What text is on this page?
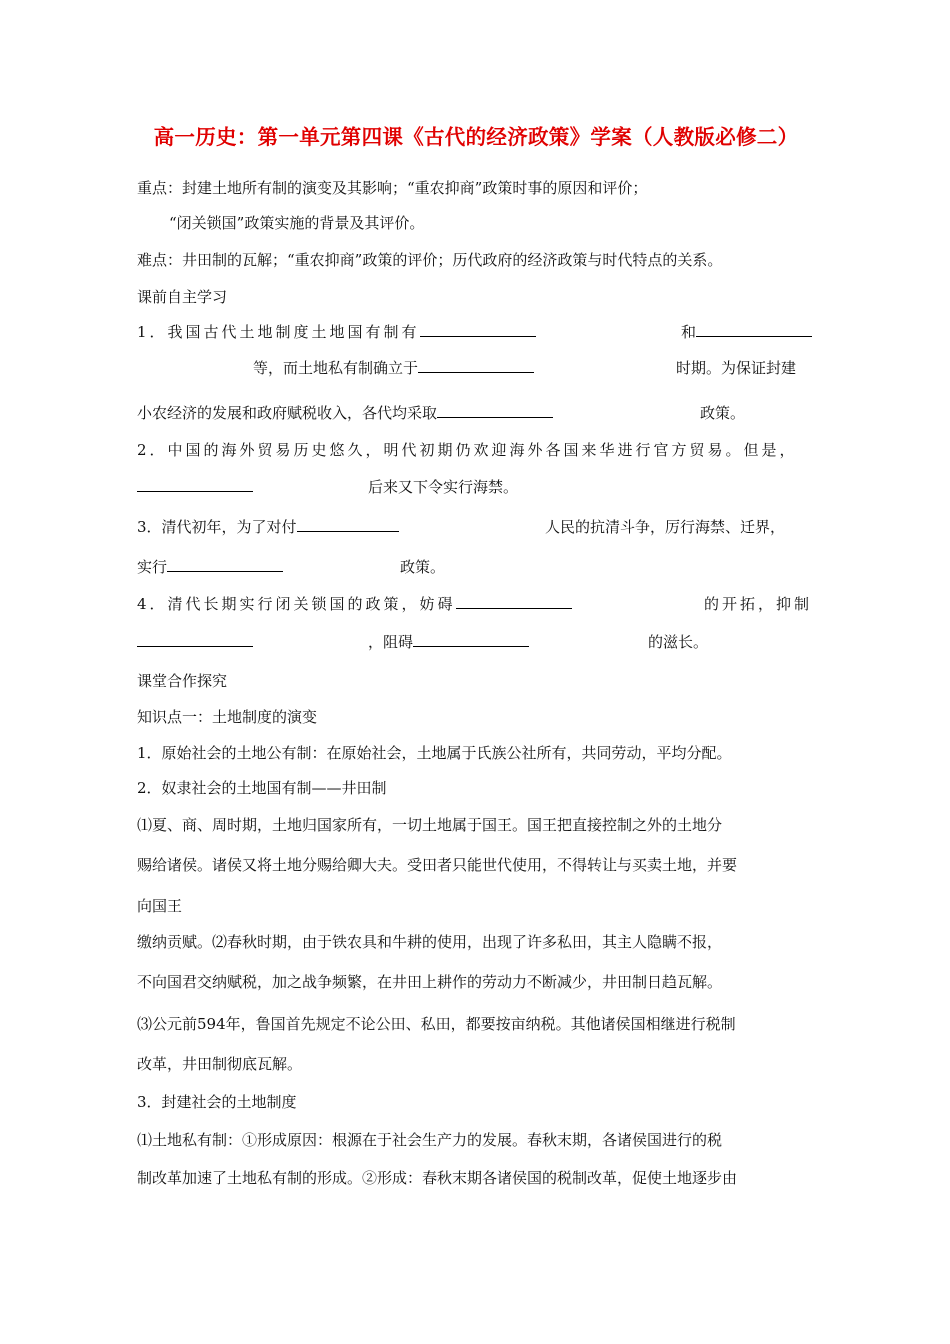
高一历史：第一单元第四课《古代的经济政策》学案（人教版必修二）
重点：封建土地所有制的演变及其影响；“重农抑商”政策时事的原因和评价；
“闭关锁国”政策实施的背景及其评价。
难点：井田制的瓦解；“重农抑商”政策的评价；历代政府的经济政策与时代特点的关系。
课前自主学习
1．我国古代土地制度土地国有制有	和
等，而土地私有制确立于	时期。为保证封建
小农经济的发展和政府赋税收入，各代均采取	政策。
2．中国的海外贸易历史悠久，明代初期仍欢迎海外各国来华进行官方贸易。但是，
后来又下令实行海禁。
3．清代初年，为了对付	人民的抗清斗争，厉行海禁、迁界，
实行	政策。
4．清代长期实行闭关锁国的政策，妨碍	的开拓，抑制
，阻碍	的滋长。
课堂合作探究
知识点一：土地制度的演变
1．原始社会的土地公有制：在原始社会，土地属于氏族公社所有，共同劳动，平均分配。
2．奴隶社会的土地国有制——井田制
⑴夏、商、周时期，土地归国家所有，一切土地属于国王。国王把直接控制之外的土地分
赐给诸侯。诸侯又将土地分赐给卿大夫。受田者只能世代使用，不得转让与买卖土地，并要
向国王
缴纳贡赋。⑵春秋时期，由于铁农具和牛耕的使用，出现了许多私田，其主人隐瞒不报，
不向国君交纳赋税，加之战争频繁，在井田上耕作的劳动力不断减少，井田制日趋瓦解。
⑶公元前594年，鲁国首先规定不论公田、私田，都要按亩纳税。其他诸侯国相继进行税制
改革，井田制彻底瓦解。
3．封建社会的土地制度
⑴土地私有制：①形成原因：根源在于社会生产力的发展。春秋末期，各诸侯国进行的税
制改革加速了土地私有制的形成。②形成：春秋末期各诸侯国的税制改革，促使土地逐步由
